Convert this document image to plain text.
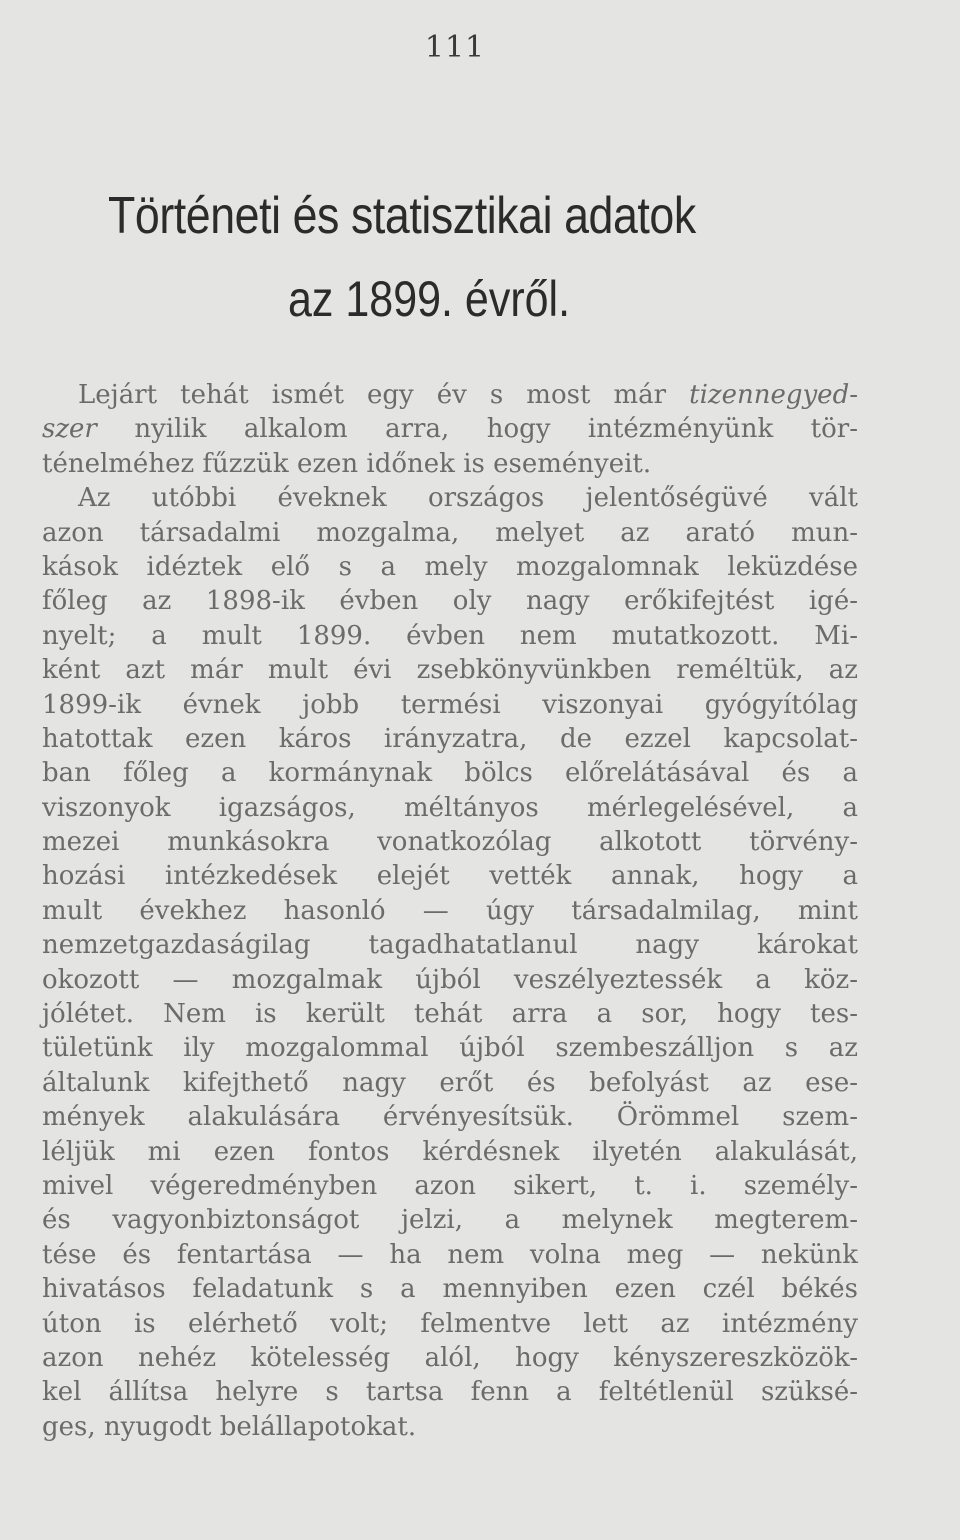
111
Történeti és statisztikai adatok
az 1899. évről.
Lejárt tehát ismét egy év s most már tizennegyed-
szer nyilik alkalom arra, hogy intézményünk tör-
ténelméhez fűzzük ezen időnek is eseményeit.
Az utóbbi éveknek országos jelentőségüvé vált
azon társadalmi mozgalma, melyet az arató mun-
kások idéztek elő s a mely mozgalomnak leküzdése
főleg az 1898-ik évben oly nagy erőkifejtést igé-
nyelt; a mult 1899. évben nem mutatkozott. Mi-
ként azt már mult évi zsebkönyvünkben reméltük, az
1899-ik évnek jobb termési viszonyai gyógyítólag
hatottak ezen káros irányzatra, de ezzel kapcsolat-
ban főleg a kormánynak bölcs előrelátásával és a
viszonyok igazságos, méltányos mérlegelésével, a
mezei munkásokra vonatkozólag alkotott törvény-
hozási intézkedések elejét vették annak, hogy a
mult évekhez hasonló — úgy társadalmilag, mint
nemzetgazdaságilag tagadhatatlanul nagy károkat
okozott — mozgalmak újból veszélyeztessék a köz-
jólétet. Nem is került tehát arra a sor, hogy tes-
tületünk ily mozgalommal újból szembeszálljon s az
általunk kifejthető nagy erőt és befolyást az ese-
mények alakulására érvényesítsük. Örömmel szem-
léljük mi ezen fontos kérdésnek ilyetén alakulását,
mivel végeredményben azon sikert, t. i. személy-
és vagyonbiztonságot jelzi, a melynek megterem-
tése és fentartása — ha nem volna meg — nekünk
hivatásos feladatunk s a mennyiben ezen czél békés
úton is elérhető volt; felmentve lett az intézmény
azon nehéz kötelesség alól, hogy kényszereszközök-
kel állítsa helyre s tartsa fenn a feltétlenül szüksé-
ges, nyugodt belállapotokat.
